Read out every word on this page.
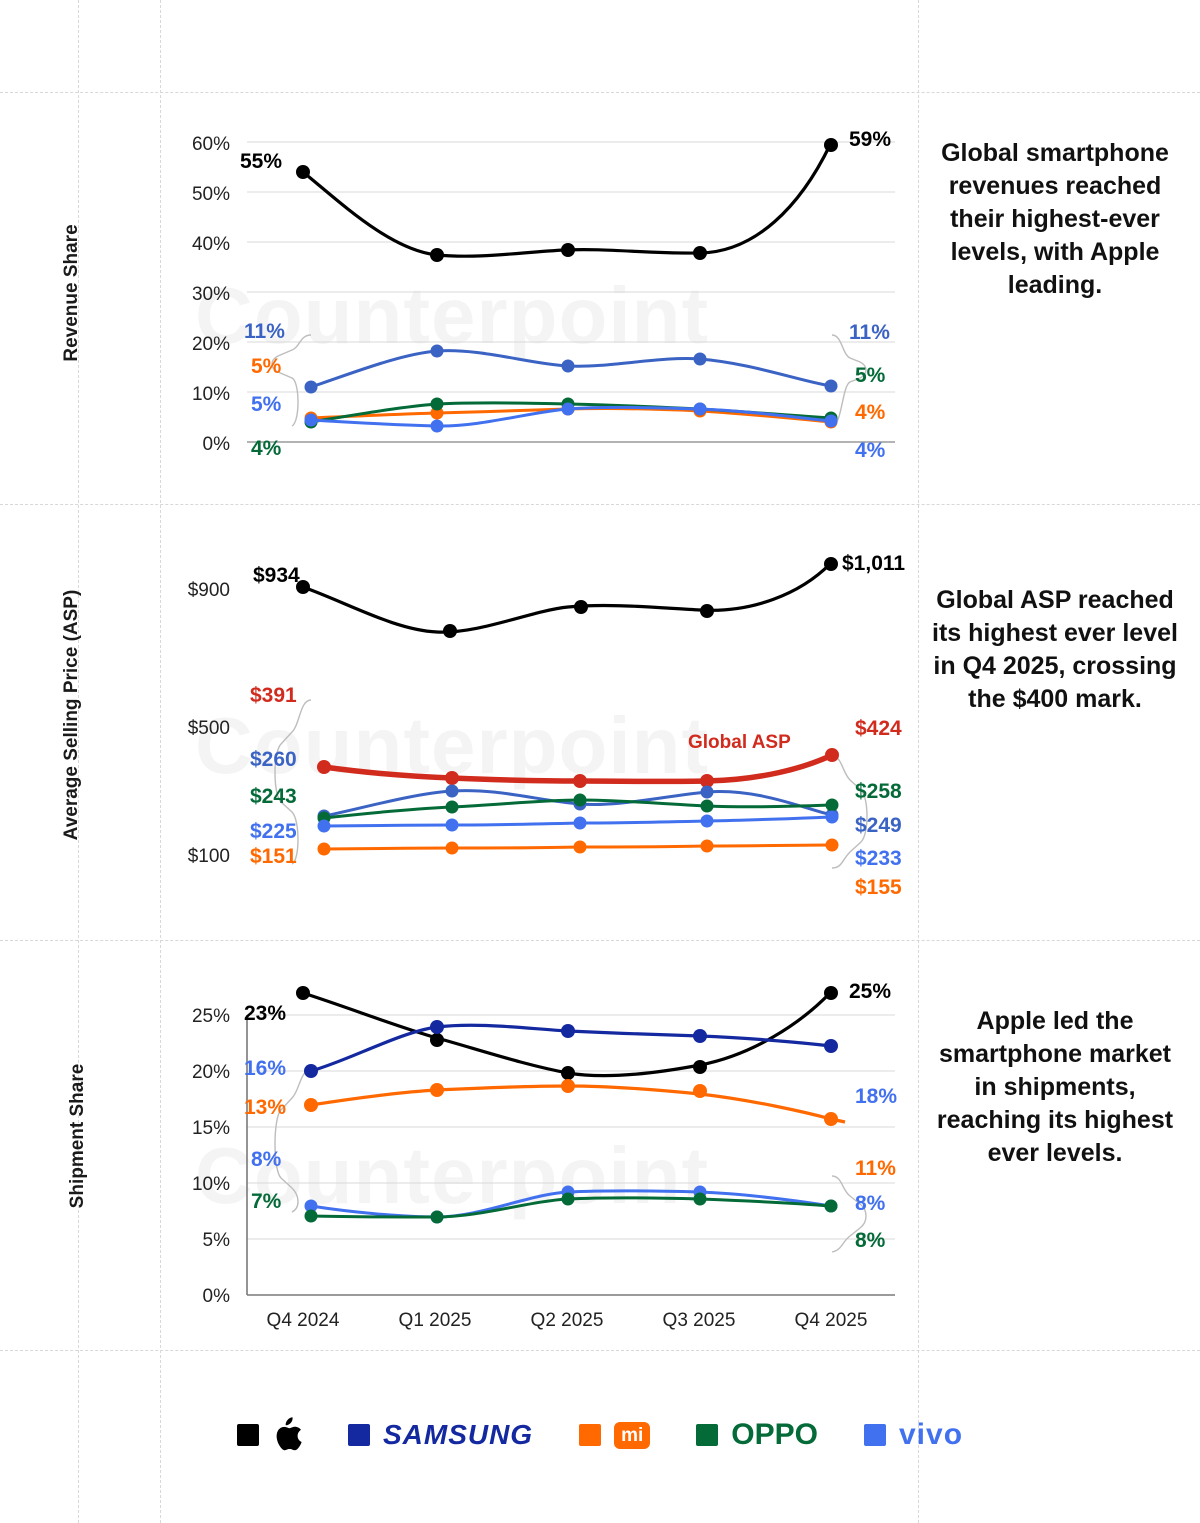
Revenue Share
0%
10%
20%
30%
40%
50%
60%
55%
11%
5%
5%
4%
59%
11%
5%
4%
4%
Global smartphone revenues reached their highest-ever levels, with Apple leading.
Average Selling Price (ASP)
$100
$500
$900
$934
$391
$260
$243
$225
$151
$1,011
$424
$258
$249
$233
$155
Global ASP
Global ASP reached its highest ever level in Q4 2025, crossing the $400 mark.
Shipment Share
0%
5%
10%
15%
20%
25% 23%
16%
13%
8%
7%
25%
18%
11%
8%
8%
Q4 2024	Q1 2025	Q2 2025	Q3 2025	Q4 2025
Apple led the smartphone market in shipments, reaching its highest ever levels.
SAMSUNG	mi	OPPO	vivo
